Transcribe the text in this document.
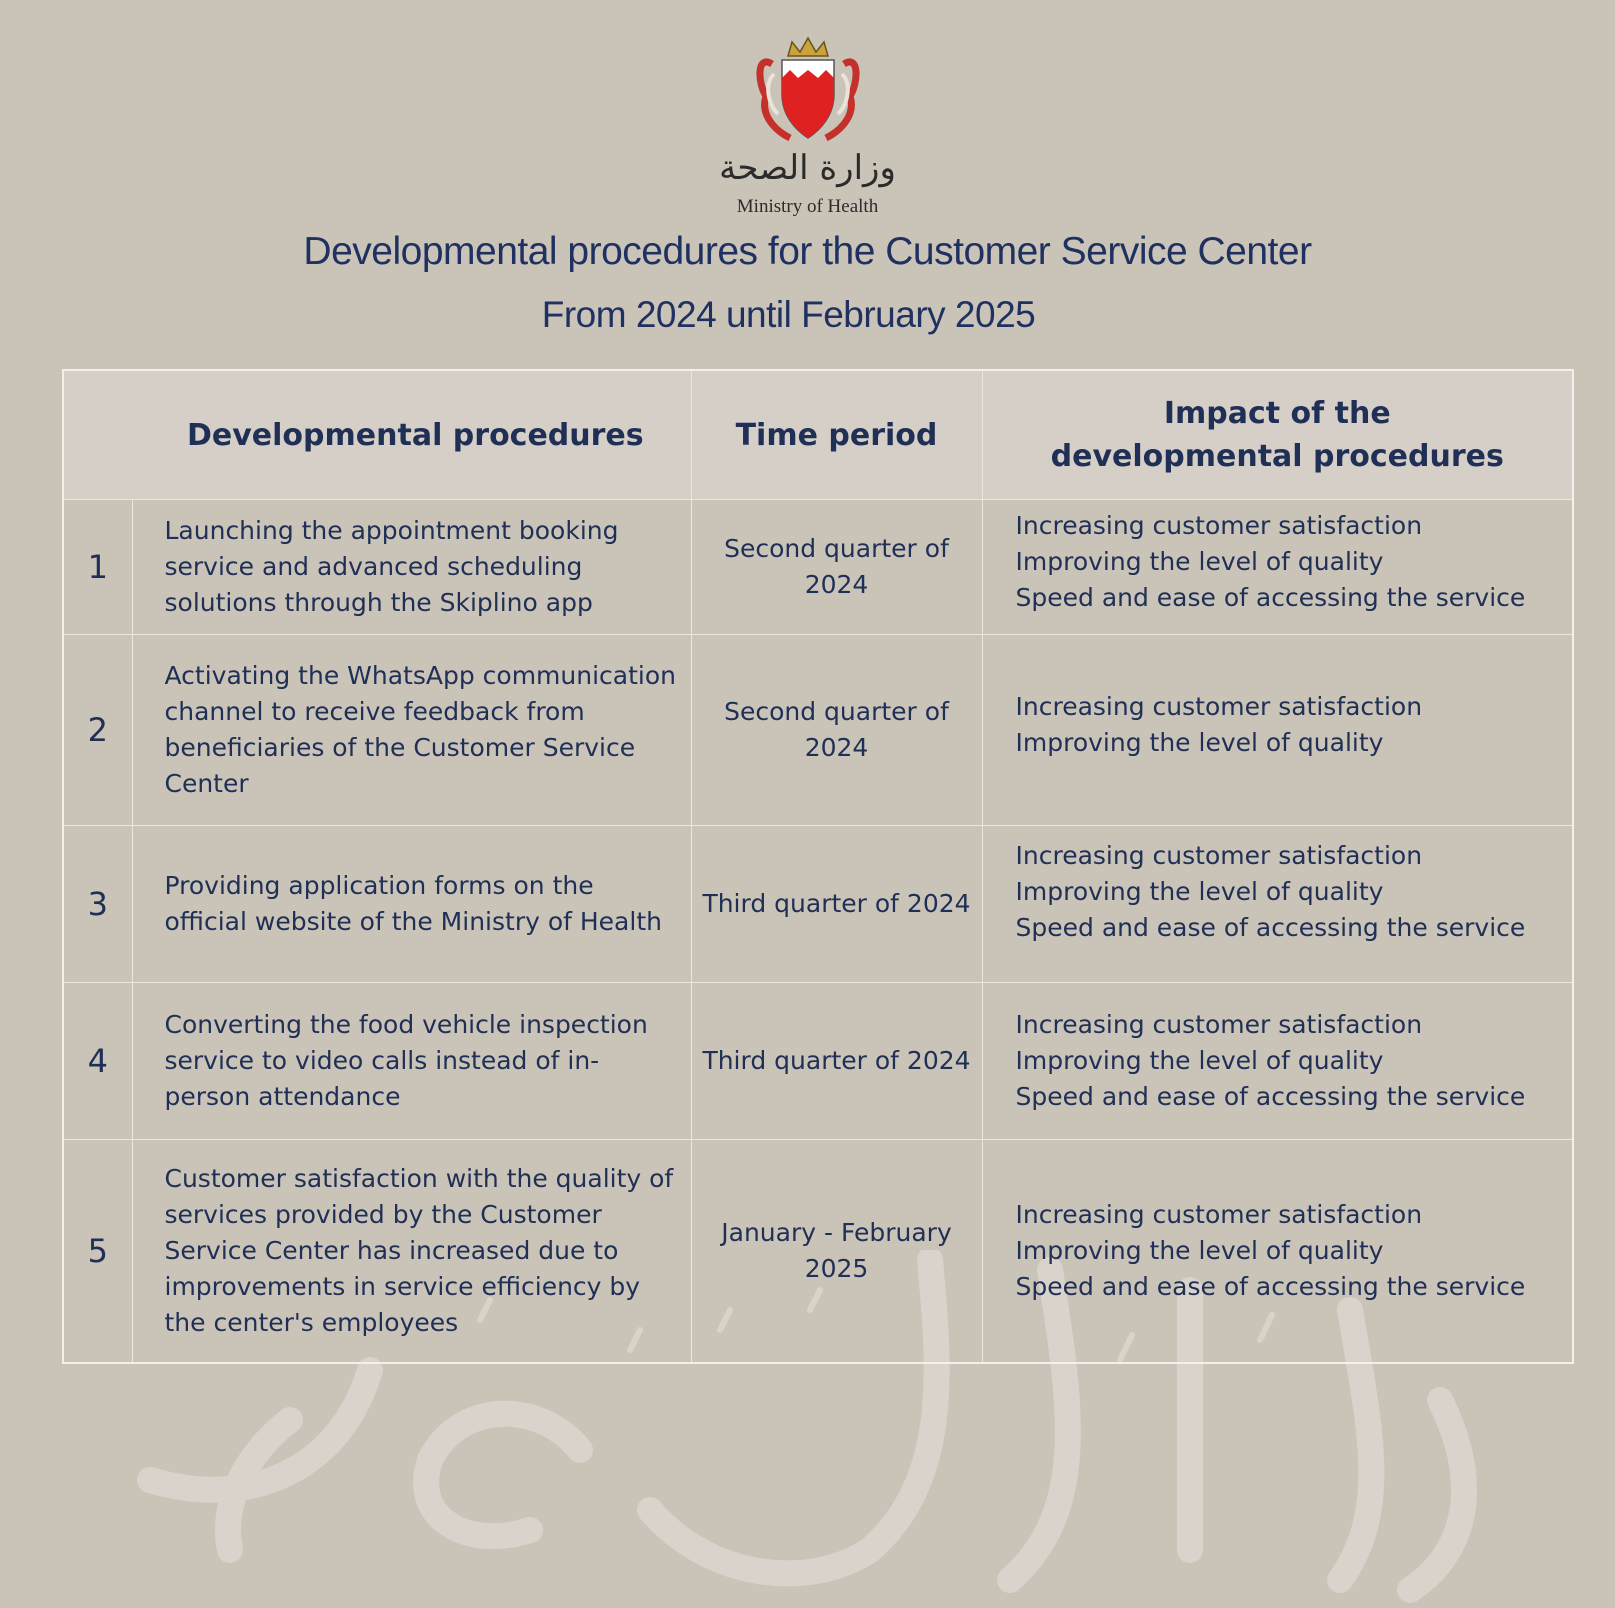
وزارة الصحة
Ministry of Health
Developmental procedures for the Customer Service Center
From 2024 until February 2025
	Developmental procedures	Time period	Impact of the
developmental procedures

1	Launching the appointment booking service and advanced scheduling solutions through the Skiplino app	Second quarter of 2024	Increasing customer satisfaction
Improving the level of quality
Speed and ease of accessing the service

2	Activating the WhatsApp communication channel to receive feedback from beneficiaries of the Customer Service Center	Second quarter of 2024	Increasing customer satisfaction
Improving the level of quality

3	Providing application forms on the official website of the Ministry of Health	Third quarter of 2024	Increasing customer satisfaction
Improving the level of quality
Speed and ease of accessing the service

4	Converting the food vehicle inspection service to video calls instead of in-person attendance	Third quarter of 2024	Increasing customer satisfaction
Improving the level of quality
Speed and ease of accessing the service

5	Customer satisfaction with the quality of services provided by the Customer Service Center has increased due to improvements in service efficiency by the center's employees	January - February 2025	Increasing customer satisfaction
Improving the level of quality
Speed and ease of accessing the service
